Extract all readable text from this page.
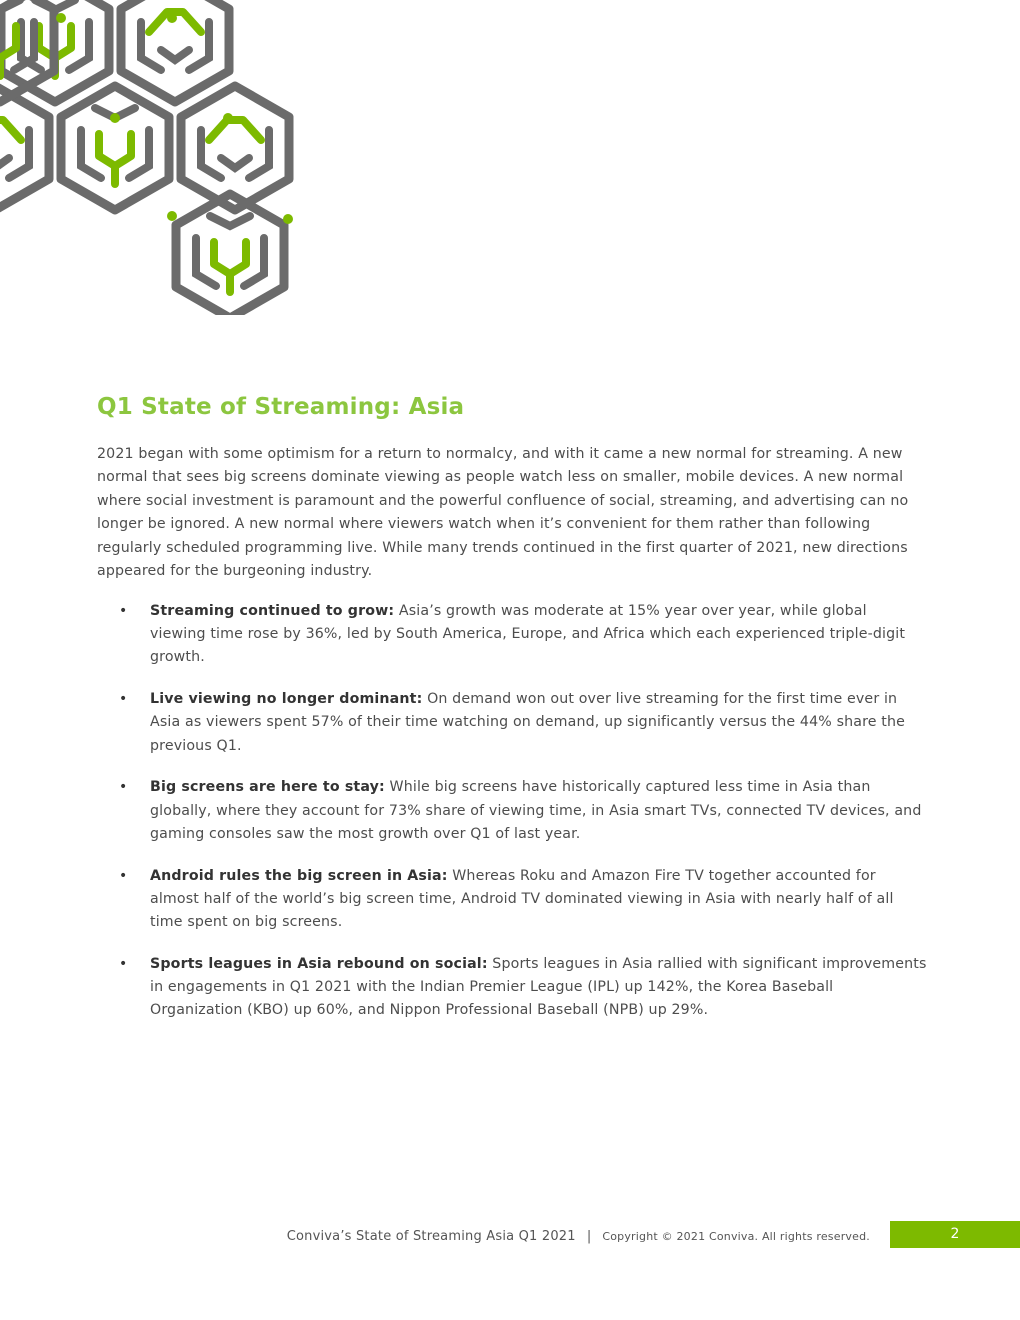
Q1 State of Streaming: Asia

2021 began with some optimism for a return to normalcy, and with it came a new normal for streaming. A new normal that sees big screens dominate viewing as people watch less on smaller, mobile devices. A new normal where social investment is paramount and the powerful confluence of social, streaming, and advertising can no longer be ignored. A new normal where viewers watch when it’s convenient for them rather than following regularly scheduled programming live. While many trends continued in the first quarter of 2021, new directions appeared for the burgeoning industry.

• Streaming continued to grow: Asia’s growth was moderate at 15% year over year, while global viewing time rose by 36%, led by South America, Europe, and Africa which each experienced triple-digit growth.
• Live viewing no longer dominant: On demand won out over live streaming for the first time ever in Asia as viewers spent 57% of their time watching on demand, up significantly versus the 44% share the previous Q1.
• Big screens are here to stay: While big screens have historically captured less time in Asia than globally, where they account for 73% share of viewing time, in Asia smart TVs, connected TV devices, and gaming consoles saw the most growth over Q1 of last year.
• Android rules the big screen in Asia: Whereas Roku and Amazon Fire TV together accounted for almost half of the world’s big screen time, Android TV dominated viewing in Asia with nearly half of all time spent on big screens.
• Sports leagues in Asia rebound on social: Sports leagues in Asia rallied with significant improvements in engagements in Q1 2021 with the Indian Premier League (IPL) up 142%, the Korea Baseball Organization (KBO) up 60%, and Nippon Professional Baseball (NPB) up 29%.
Conviva’s State of Streaming Asia Q1 2021 | Copyright © 2021 Conviva. All rights reserved.	2
